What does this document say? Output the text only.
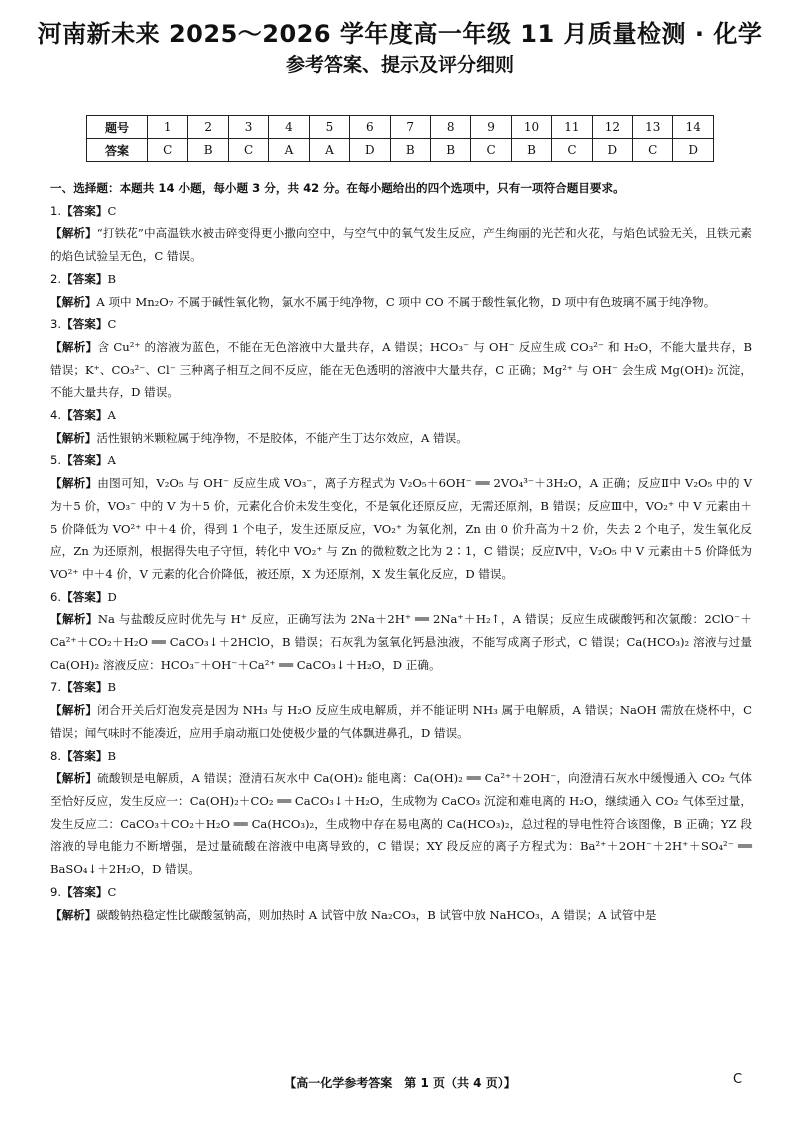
河南新未来 2025～2026 学年度高一年级 11 月质量检测 · 化学
参考答案、提示及评分细则
题号	1	2	3	4	5	6	7	8	9	10	11	12	13	14
答案	C	B	C	A	A	D	B	B	C	B	C	D	C	D

一、选择题：本题共 14 小题，每小题 3 分，共 42 分。在每小题给出的四个选项中，只有一项符合题目要求。

1.【答案】C

【解析】“打铁花”中高温铁水被击碎变得更小撒向空中，与空气中的氧气发生反应，产生绚丽的光芒和火花，与焰色试验无关，且铁元素的焰色试验呈无色，C 错误。

2.【答案】B

【解析】A 项中 Mn₂O₇ 不属于碱性氧化物，氯水不属于纯净物，C 项中 CO 不属于酸性氧化物，D 项中有色玻璃不属于纯净物。

3.【答案】C

【解析】含 Cu²⁺ 的溶液为蓝色，不能在无色溶液中大量共存，A 错误；HCO₃⁻ 与 OH⁻ 反应生成 CO₃²⁻ 和 H₂O，不能大量共存，B 错误；K⁺、CO₃²⁻、Cl⁻ 三种离子相互之间不反应，能在无色透明的溶液中大量共存，C 正确；Mg²⁺ 与 OH⁻ 会生成 Mg(OH)₂ 沉淀，不能大量共存，D 错误。

4.【答案】A

【解析】活性银钠米颗粒属于纯净物，不是胶体，不能产生丁达尔效应，A 错误。

5.【答案】A

【解析】由图可知，V₂O₅ 与 OH⁻ 反应生成 VO₃⁻，离子方程式为 V₂O₅＋6OH⁻ ══ 2VO₄³⁻＋3H₂O，A 正确；反应Ⅱ中 V₂O₅ 中的 V 为＋5 价，VO₃⁻ 中的 V 为＋5 价，元素化合价未发生变化，不是氧化还原反应，无需还原剂，B 错误；反应Ⅲ中，VO₂⁺ 中 V 元素由＋5 价降低为 VO²⁺ 中＋4 价，得到 1 个电子，发生还原反应，VO₂⁺ 为氧化剂，Zn 由 0 价升高为＋2 价，失去 2 个电子，发生氧化反应，Zn 为还原剂，根据得失电子守恒，转化中 VO₂⁺ 与 Zn 的微粒数之比为 2∶1，C 错误；反应Ⅳ中，V₂O₅ 中 V 元素由＋5 价降低为 VO²⁺ 中＋4 价，V 元素的化合价降低，被还原，X 为还原剂，X 发生氧化反应，D 错误。

6.【答案】D

【解析】Na 与盐酸反应时优先与 H⁺ 反应，正确写法为 2Na＋2H⁺ ══ 2Na⁺＋H₂↑，A 错误；反应生成碳酸钙和次氯酸：2ClO⁻＋Ca²⁺＋CO₂＋H₂O ══ CaCO₃↓＋2HClO，B 错误；石灰乳为氢氧化钙悬浊液，不能写成离子形式，C 错误；Ca(HCO₃)₂ 溶液与过量 Ca(OH)₂ 溶液反应：HCO₃⁻＋OH⁻＋Ca²⁺ ══ CaCO₃↓＋H₂O，D 正确。

7.【答案】B

【解析】闭合开关后灯泡发亮是因为 NH₃ 与 H₂O 反应生成电解质，并不能证明 NH₃ 属于电解质，A 错误；NaOH 需放在烧杯中，C 错误；闻气味时不能凑近，应用手扇动瓶口处使极少量的气体飘进鼻孔，D 错误。

8.【答案】B

【解析】硫酸钡是电解质，A 错误；澄清石灰水中 Ca(OH)₂ 能电离：Ca(OH)₂ ══ Ca²⁺＋2OH⁻，向澄清石灰水中缓慢通入 CO₂ 气体至恰好反应，发生反应一：Ca(OH)₂＋CO₂ ══ CaCO₃↓＋H₂O，生成物为 CaCO₃ 沉淀和难电离的 H₂O，继续通入 CO₂ 气体至过量，发生反应二：CaCO₃＋CO₂＋H₂O ══ Ca(HCO₃)₂，生成物中存在易电离的 Ca(HCO₃)₂，总过程的导电性符合该图像，B 正确；YZ 段溶液的导电能力不断增强，是过量硫酸在溶液中电离导致的，C 错误；XY 段反应的离子方程式为：Ba²⁺＋2OH⁻＋2H⁺＋SO₄²⁻ ══ BaSO₄↓＋2H₂O，D 错误。

9.【答案】C

【解析】碳酸钠热稳定性比碳酸氢钠高，则加热时 A 试管中放 Na₂CO₃，B 试管中放 NaHCO₃，A 错误；A 试管中是

【高一化学参考答案　第 1 页（共 4 页）】	C
